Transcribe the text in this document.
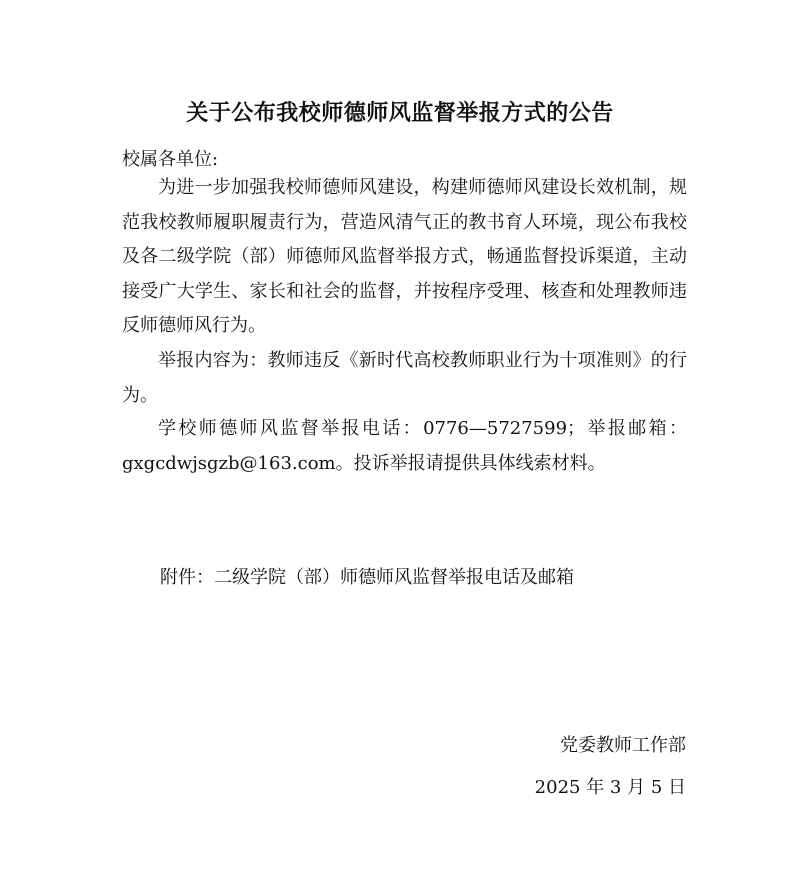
关于公布我校师德师风监督举报方式的公告
校属各单位:

为进一步加强我校师德师风建设，构建师德师风建设长效机制，规范我校教师履职履责行为，营造风清气正的教书育人环境，现公布我校及各二级学院（部）师德师风监督举报方式，畅通监督投诉渠道，主动接受广大学生、家长和社会的监督，并按程序受理、核查和处理教师违反师德师风行为。

举报内容为：教师违反《新时代高校教师职业行为十项准则》的行为。

学校师德师风监督举报电话：0776—5727599；举报邮箱：gxgcdwjsgzb@163.com。投诉举报请提供具体线索材料。

附件：二级学院（部）师德师风监督举报电话及邮箱
党委教师工作部
2025 年 3 月 5 日
